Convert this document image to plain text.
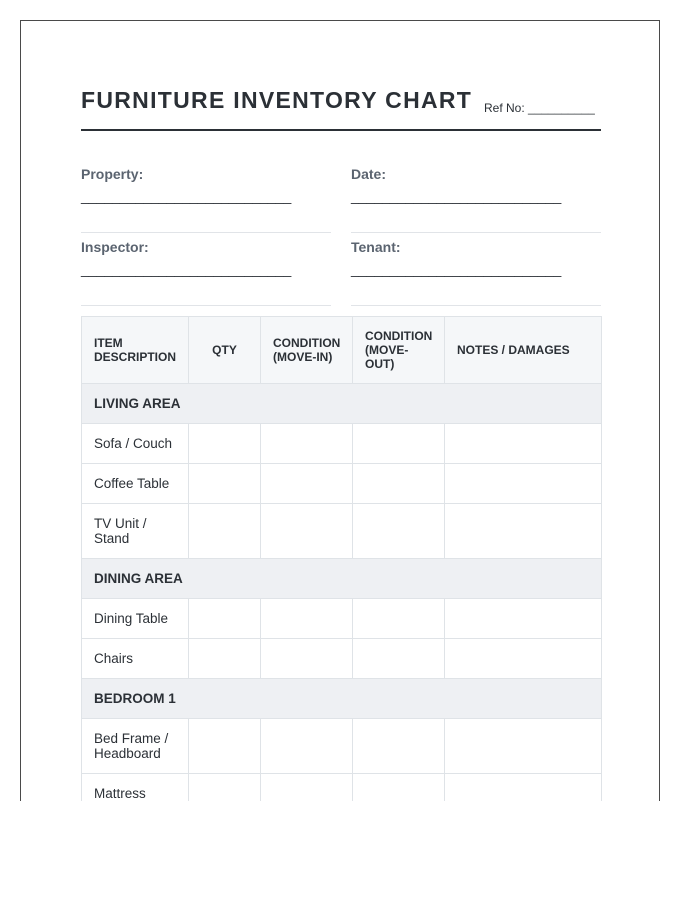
FURNITURE INVENTORY CHART Ref No: __________
Property:
___________________________
Date:
___________________________
Inspector:
___________________________
Tenant:
___________________________
ITEM DESCRIPTION	QTY	CONDITION (MOVE-IN)	CONDITION (MOVE-OUT)	NOTES / DAMAGES
LIVING AREA				
Sofa / Couch				
Coffee Table				
TV Unit / Stand				
DINING AREA				
Dining Table				
Chairs				
BEDROOM 1				
Bed Frame / Headboard				
Mattress				
